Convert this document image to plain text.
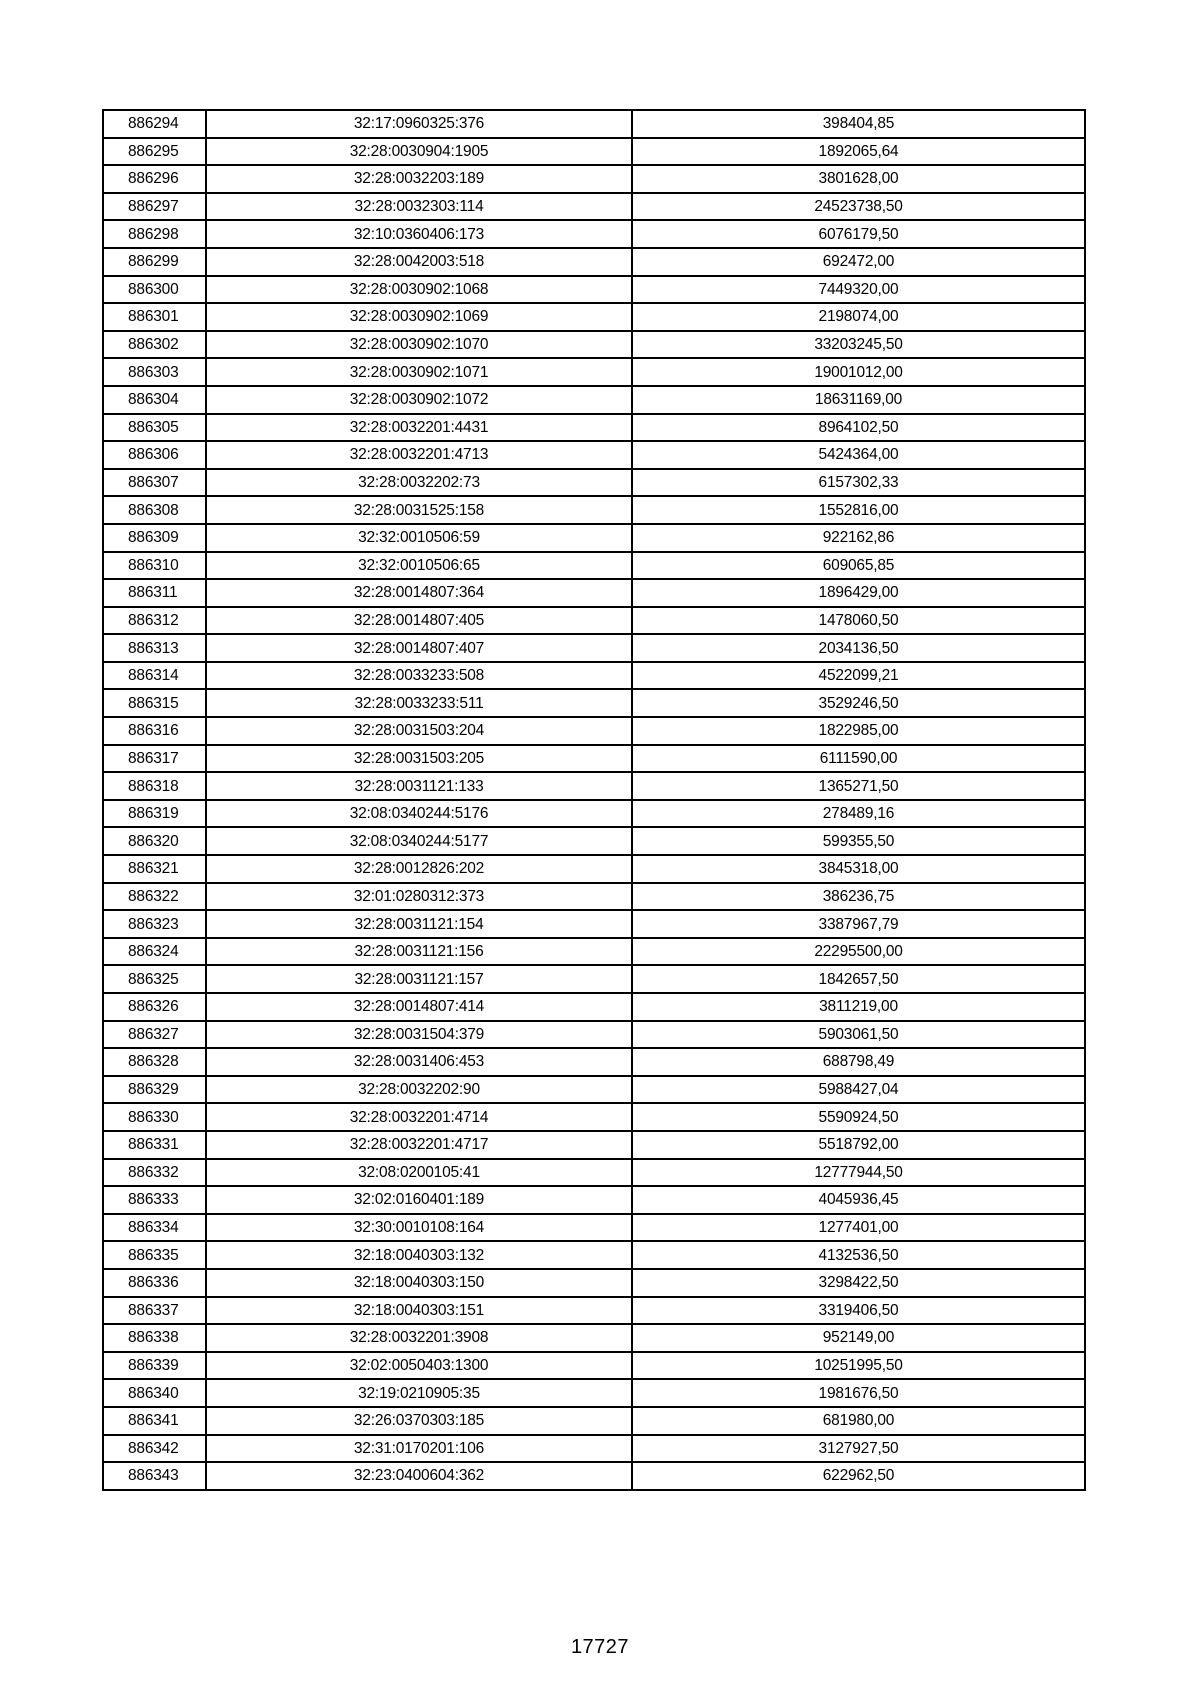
886294	32:17:0960325:376	398404,85
886295	32:28:0030904:1905	1892065,64
886296	32:28:0032203:189	3801628,00
886297	32:28:0032303:114	24523738,50
886298	32:10:0360406:173	6076179,50
886299	32:28:0042003:518	692472,00
886300	32:28:0030902:1068	7449320,00
886301	32:28:0030902:1069	2198074,00
886302	32:28:0030902:1070	33203245,50
886303	32:28:0030902:1071	19001012,00
886304	32:28:0030902:1072	18631169,00
886305	32:28:0032201:4431	8964102,50
886306	32:28:0032201:4713	5424364,00
886307	32:28:0032202:73	6157302,33
886308	32:28:0031525:158	1552816,00
886309	32:32:0010506:59	922162,86
886310	32:32:0010506:65	609065,85
886311	32:28:0014807:364	1896429,00
886312	32:28:0014807:405	1478060,50
886313	32:28:0014807:407	2034136,50
886314	32:28:0033233:508	4522099,21
886315	32:28:0033233:511	3529246,50
886316	32:28:0031503:204	1822985,00
886317	32:28:0031503:205	6111590,00
886318	32:28:0031121:133	1365271,50
886319	32:08:0340244:5176	278489,16
886320	32:08:0340244:5177	599355,50
886321	32:28:0012826:202	3845318,00
886322	32:01:0280312:373	386236,75
886323	32:28:0031121:154	3387967,79
886324	32:28:0031121:156	22295500,00
886325	32:28:0031121:157	1842657,50
886326	32:28:0014807:414	3811219,00
886327	32:28:0031504:379	5903061,50
886328	32:28:0031406:453	688798,49
886329	32:28:0032202:90	5988427,04
886330	32:28:0032201:4714	5590924,50
886331	32:28:0032201:4717	5518792,00
886332	32:08:0200105:41	12777944,50
886333	32:02:0160401:189	4045936,45
886334	32:30:0010108:164	1277401,00
886335	32:18:0040303:132	4132536,50
886336	32:18:0040303:150	3298422,50
886337	32:18:0040303:151	3319406,50
886338	32:28:0032201:3908	952149,00
886339	32:02:0050403:1300	10251995,50
886340	32:19:0210905:35	1981676,50
886341	32:26:0370303:185	681980,00
886342	32:31:0170201:106	3127927,50
886343	32:23:0400604:362	622962,50
17727
